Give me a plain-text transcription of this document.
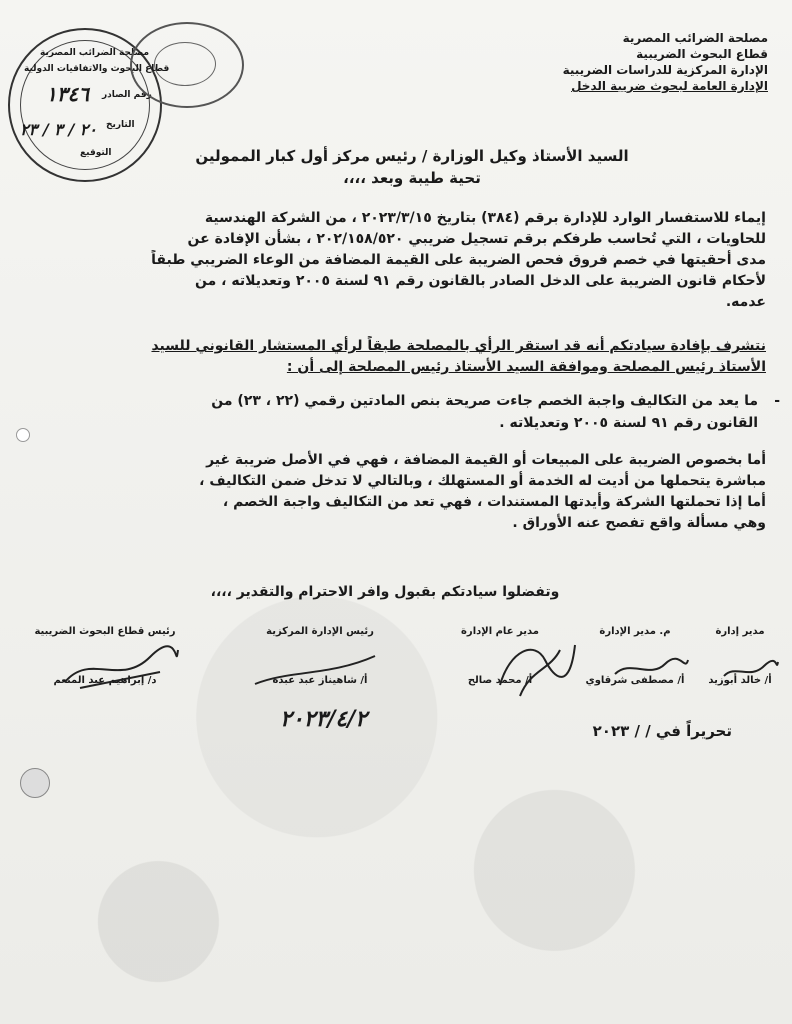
مصلحة الضرائب المصرية
قطاع البحوث والاتفاقيات الدولية
رقم الصادر
التاريخ
التوقيع
١٣٤٦
٢٠ / ٣ / ٢٣
مصلحة الضرائب المصرية
قطاع البحوث الضريبية
الإدارة المركزية للدراسات الضريبية
الإدارة العامة لبحوث ضريبة الدخل
السيد الأستاذ وكيل الوزارة / رئيس مركز أول كبار الممولين
تحية طيبة وبعد ،،،،
إيماء للاستفسار الوارد للإدارة برقم (٣٨٤) بتاريخ ٢٠٢٣/٣/١٥ ، من الشركة الهندسية
للحاويات ، التي تُحاسب طرفكم برقم تسجيل ضريبي ٢٠٢/١٥٨/٥٢٠ ، بشأن الإفادة عن
مدى أحقيتها في خصم فروق فحص الضريبة على القيمة المضافة من الوعاء الضريبي طبقاً
لأحكام قانون الضريبة على الدخل الصادر بالقانون رقم ٩١ لسنة ٢٠٠٥ وتعديلاته ، من
عدمه.
نتشرف بإفادة سيادتكم أنه قد استقر الرأي بالمصلحة طبقاً لرأي المستشار القانوني للسيد
الأستاذ رئيس المصلحة وموافقة السيد الأستاذ رئيس المصلحة إلى أن :
-
ما يعد من التكاليف واجبة الخصم جاءت صريحة بنص المادتين رقمي (٢٢ ، ٢٣) من
القانون رقم ٩١ لسنة ٢٠٠٥ وتعديلاته .
أما بخصوص الضريبة على المبيعات أو القيمة المضافة ، فهي في الأصل ضريبة غير
مباشرة يتحملها من أديت له الخدمة أو المستهلك ، وبالتالي لا تدخل ضمن التكاليف ،
أما إذا تحملتها الشركة وأيدتها المستندات ، فهي تعد من التكاليف واجبة الخصم ،
وهي مسألة واقع تفصح عنه الأوراق .
وتفضلوا سيادتكم بقبول وافر الاحترام والتقدير ،،،،
رئيس قطاع البحوث الضريبية
د/ إبراهيم عبد المنعم
رئيس الإدارة المركزية
أ/ شاهيناز عبد عبده
مدير عام الإدارة
أ/ محمد صالح
م. مدير الإدارة
أ/ مصطفى شرقاوي
مدير إدارة
أ/ خالد أبوزيد
٢٠٢٣/٤/٢	تحريراً في / / ٢٠٢٣
